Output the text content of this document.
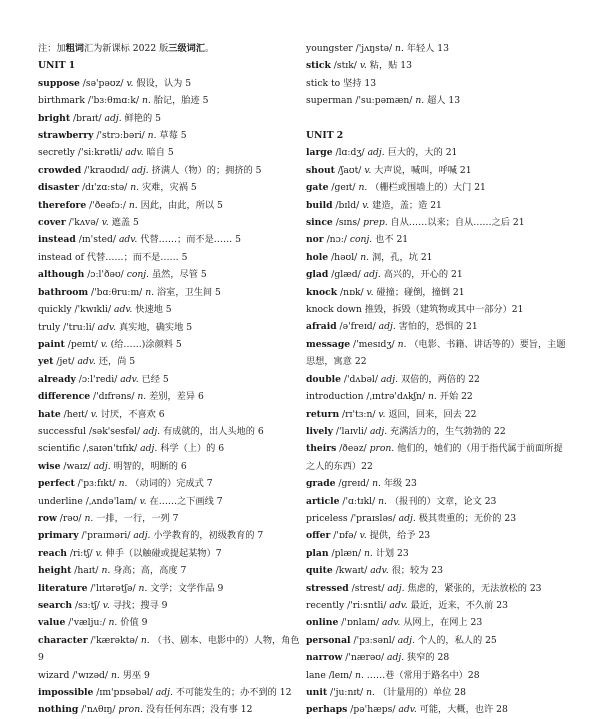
注：加粗词汇为新课标 2022 版三级词汇。
UNIT 1
suppose /sə'pəʊz/ v. 假设，认为 5
birthmark /'bɜːθmɑːk/ n. 胎记，胎迹 5
bright /braɪt/ adj. 鲜艳的 5
strawberry /'strɔːbəri/ n. 草莓 5
secretly /'siːkrətli/ adv. 暗自 5
crowded /'kraʊdɪd/ adj. 挤满人（物）的；拥挤的 5
disaster /dɪ'zɑːstə/ n. 灾难，灾祸 5
therefore /'ðeəfɔː/ n. 因此，由此，所以 5
cover /'kʌvə/ v. 遮盖 5
instead /ɪn'sted/ adv. 代替……；而不是…… 5
instead of 代替……；而不是…… 5
although /ɔːl'ðəʊ/ conj. 虽然，尽管 5
bathroom /'bɑːθruːm/ n. 浴室，卫生间 5
quickly /'kwɪkli/ adv. 快速地 5
truly /'truːli/ adv. 真实地，确实地 5
paint /peɪnt/ v. (给……)涂颜料 5
yet /jet/ adv. 还，尚 5
already /ɔːl'redi/ adv. 已经 5
difference /'dɪfrəns/ n. 差别，差异 6
hate /heɪt/ v. 讨厌，不喜欢 6
successful /sək'sesfəl/ adj. 有成就的，出人头地的 6
scientific /ˌsaɪən'tɪfɪk/ adj. 科学（上）的 6
wise /waɪz/ adj. 明智的，明断的 6
perfect /'pɜːfɪkt/ n. （动词的）完成式 7
underline /ˌʌndə'laɪn/ v. 在……之下画线 7
row /rəʊ/ n. 一排，一行，一列 7
primary /'praɪməri/ adj. 小学教育的，初级教育的 7
reach /riːtʃ/ v. 伸手（以触碰或提起某物）7
height /haɪt/ n. 身高；高，高度 7
literature /'lɪtərətʃə/ n. 文学；文学作品 9
search /sɜːtʃ/ v. 寻找；搜寻 9
value /'væljuː/ n. 价值 9
character /'kærəktə/ n. （书、剧本、电影中的）人物，角色9
wizard /'wɪzəd/ n. 男巫 9
impossible /ɪm'pɒsəbəl/ adj. 不可能发生的；办不到的 12
nothing /'nʌθɪŋ/ pron. 没有任何东西；没有事 12
youngster /'jʌŋstə/ n. 年轻人 13
stick /stɪk/ v. 粘，贴 13
stick to 坚持 13
superman /'suːpəmæn/ n. 超人 13
UNIT 2
large /lɑːdʒ/ adj. 巨大的，大的 21
shout /ʃaʊt/ v. 大声说，喊叫，呼喊 21
gate /geɪt/ n. （栅栏或围墙上的）大门 21
build /bɪld/ v. 建造，盖；造 21
since /sɪns/ prep. 自从……以来；自从……之后 21
nor /nɔː/ conj. 也不 21
hole /həʊl/ n. 洞，孔，坑 21
glad /glæd/ adj. 高兴的，开心的 21
knock /nɒk/ v. 碰撞；碰倒，撞倒 21
knock down 推毁，拆毁（建筑物或其中一部分）21
afraid /ə'freɪd/ adj. 害怕的，恐惧的 21
message /'mesɪdʒ/ n. （电影、书籍、讲话等的）要旨，主题思想，寓意 22
double /'dʌbəl/ adj. 双倍的，两倍的 22
introduction /ˌɪntrə'dʌkʃn/ n. 开始 22
return /rɪ'tɜːn/ v. 返回，回来，回去 22
lively /'laɪvli/ adj. 充满活力的，生气勃勃的 22
theirs /ðeəz/ pron. 他们的，她们的（用于指代属于前面所提之人的东西）22
grade /greɪd/ n. 年级 23
article /'ɑːtɪkl/ n. （报刊的）文章，论文 23
priceless /'praɪsləs/ adj. 极其贵重的；无价的 23
offer /'ɒfə/ v. 提供，给予 23
plan /plæn/ n. 计划 23
quite /kwaɪt/ adv. 很；较为 23
stressed /strest/ adj. 焦虑的，紧张的，无法放松的 23
recently /'riːsntli/ adv. 最近，近来，不久前 23
online /'ɒnlaɪn/ adv. 从网上，在网上 23
personal /'pɜːsənl/ adj. 个人的，私人的 25
narrow /'nærəʊ/ adj. 狭窄的 28
lane /leɪn/ n. ……巷（常用于路名中）28
unit /'juːnɪt/ n. （计量用的）单位 28
perhaps /pə'hæps/ adv. 可能，大概，也许 28
